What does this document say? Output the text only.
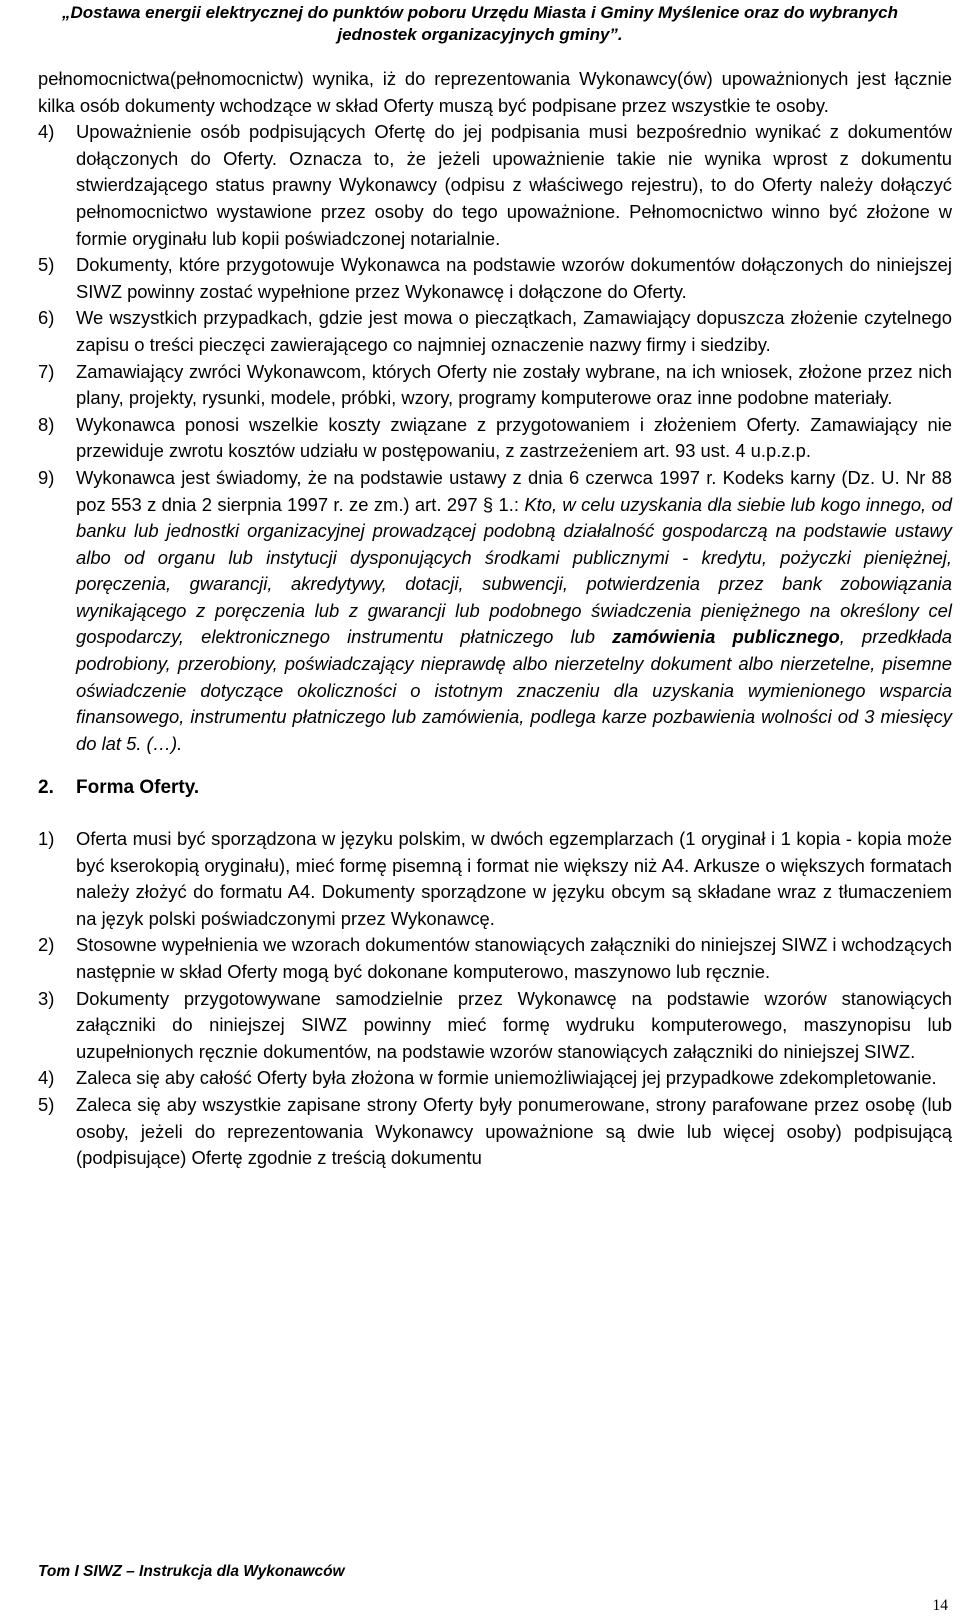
„Dostawa energii elektrycznej do punktów poboru Urzędu Miasta i Gminy Myślenice oraz do wybranych
jednostek organizacyjnych gminy”.
pełnomocnictwa(pełnomocnictw) wynika, iż do reprezentowania Wykonawcy(ów) upoważnionych jest łącznie kilka osób dokumenty wchodzące w skład Oferty muszą być podpisane przez wszystkie te osoby.
4)	Upoważnienie osób podpisujących Ofertę do jej podpisania musi bezpośrednio wynikać z dokumentów dołączonych do Oferty. Oznacza to, że jeżeli upoważnienie takie nie wynika wprost z dokumentu stwierdzającego status prawny Wykonawcy (odpisu z właściwego rejestru), to do Oferty należy dołączyć pełnomocnictwo wystawione przez osoby do tego upoważnione. Pełnomocnictwo winno być złożone w formie oryginału lub kopii poświadczonej notarialnie.
5)	Dokumenty, które przygotowuje Wykonawca na podstawie wzorów dokumentów dołączonych do niniejszej SIWZ powinny zostać wypełnione przez Wykonawcę i dołączone do Oferty.
6)	We wszystkich przypadkach, gdzie jest mowa o pieczątkach, Zamawiający dopuszcza złożenie czytelnego zapisu o treści pieczęci zawierającego co najmniej oznaczenie nazwy firmy i siedziby.
7)	Zamawiający zwróci Wykonawcom, których Oferty nie zostały wybrane, na ich wniosek, złożone przez nich plany, projekty, rysunki, modele, próbki, wzory, programy komputerowe oraz inne podobne materiały.
8)	Wykonawca ponosi wszelkie koszty związane z przygotowaniem i złożeniem Oferty. Zamawiający nie przewiduje zwrotu kosztów udziału w postępowaniu, z zastrzeżeniem art. 93 ust. 4 u.p.z.p.
9)	Wykonawca jest świadomy, że na podstawie ustawy z dnia 6 czerwca 1997 r. Kodeks karny (Dz. U. Nr 88 poz 553 z dnia 2 sierpnia 1997 r. ze zm.) art. 297 § 1.: Kto, w celu uzyskania dla siebie lub kogo innego, od banku lub jednostki organizacyjnej prowadzącej podobną działalność gospodarczą na podstawie ustawy albo od organu lub instytucji dysponujących środkami publicznymi - kredytu, pożyczki pieniężnej, poręczenia, gwarancji, akredytywy, dotacji, subwencji, potwierdzenia przez bank zobowiązania wynikającego z poręczenia lub z gwarancji lub podobnego świadczenia pieniężnego na określony cel gospodarczy, elektronicznego instrumentu płatniczego lub zamówienia publicznego, przedkłada podrobiony, przerobiony, poświadczający nieprawdę albo nierzetelny dokument albo nierzetelne, pisemne oświadczenie dotyczące okoliczności o istotnym znaczeniu dla uzyskania wymienionego wsparcia finansowego, instrumentu płatniczego lub zamówienia, podlega karze pozbawienia wolności od 3 miesięcy do lat 5. (…).
2.	Forma Oferty.
1)	Oferta musi być sporządzona w języku polskim, w dwóch egzemplarzach (1 oryginał i 1 kopia - kopia może być kserokopią oryginału), mieć formę pisemną i format nie większy niż A4. Arkusze o większych formatach należy złożyć do formatu A4. Dokumenty sporządzone w języku obcym są składane wraz z tłumaczeniem na język polski poświadczonymi przez Wykonawcę.
2)	Stosowne wypełnienia we wzorach dokumentów stanowiących załączniki do niniejszej SIWZ i wchodzących następnie w skład Oferty mogą być dokonane komputerowo, maszynowo lub ręcznie.
3)	Dokumenty przygotowywane samodzielnie przez Wykonawcę na podstawie wzorów stanowiących załączniki do niniejszej SIWZ powinny mieć formę wydruku komputerowego, maszynopisu lub uzupełnionych ręcznie dokumentów, na podstawie wzorów stanowiących załączniki do niniejszej SIWZ.
4)	Zaleca się aby całość Oferty była złożona w formie uniemożliwiającej jej przypadkowe zdekompletowanie.
5)	Zaleca się aby wszystkie zapisane strony Oferty były ponumerowane, strony parafowane przez osobę (lub osoby, jeżeli do reprezentowania Wykonawcy upoważnione są dwie lub więcej osoby) podpisującą (podpisujące) Ofertę zgodnie z treścią dokumentu
Tom I SIWZ – Instrukcja dla Wykonawców
14
